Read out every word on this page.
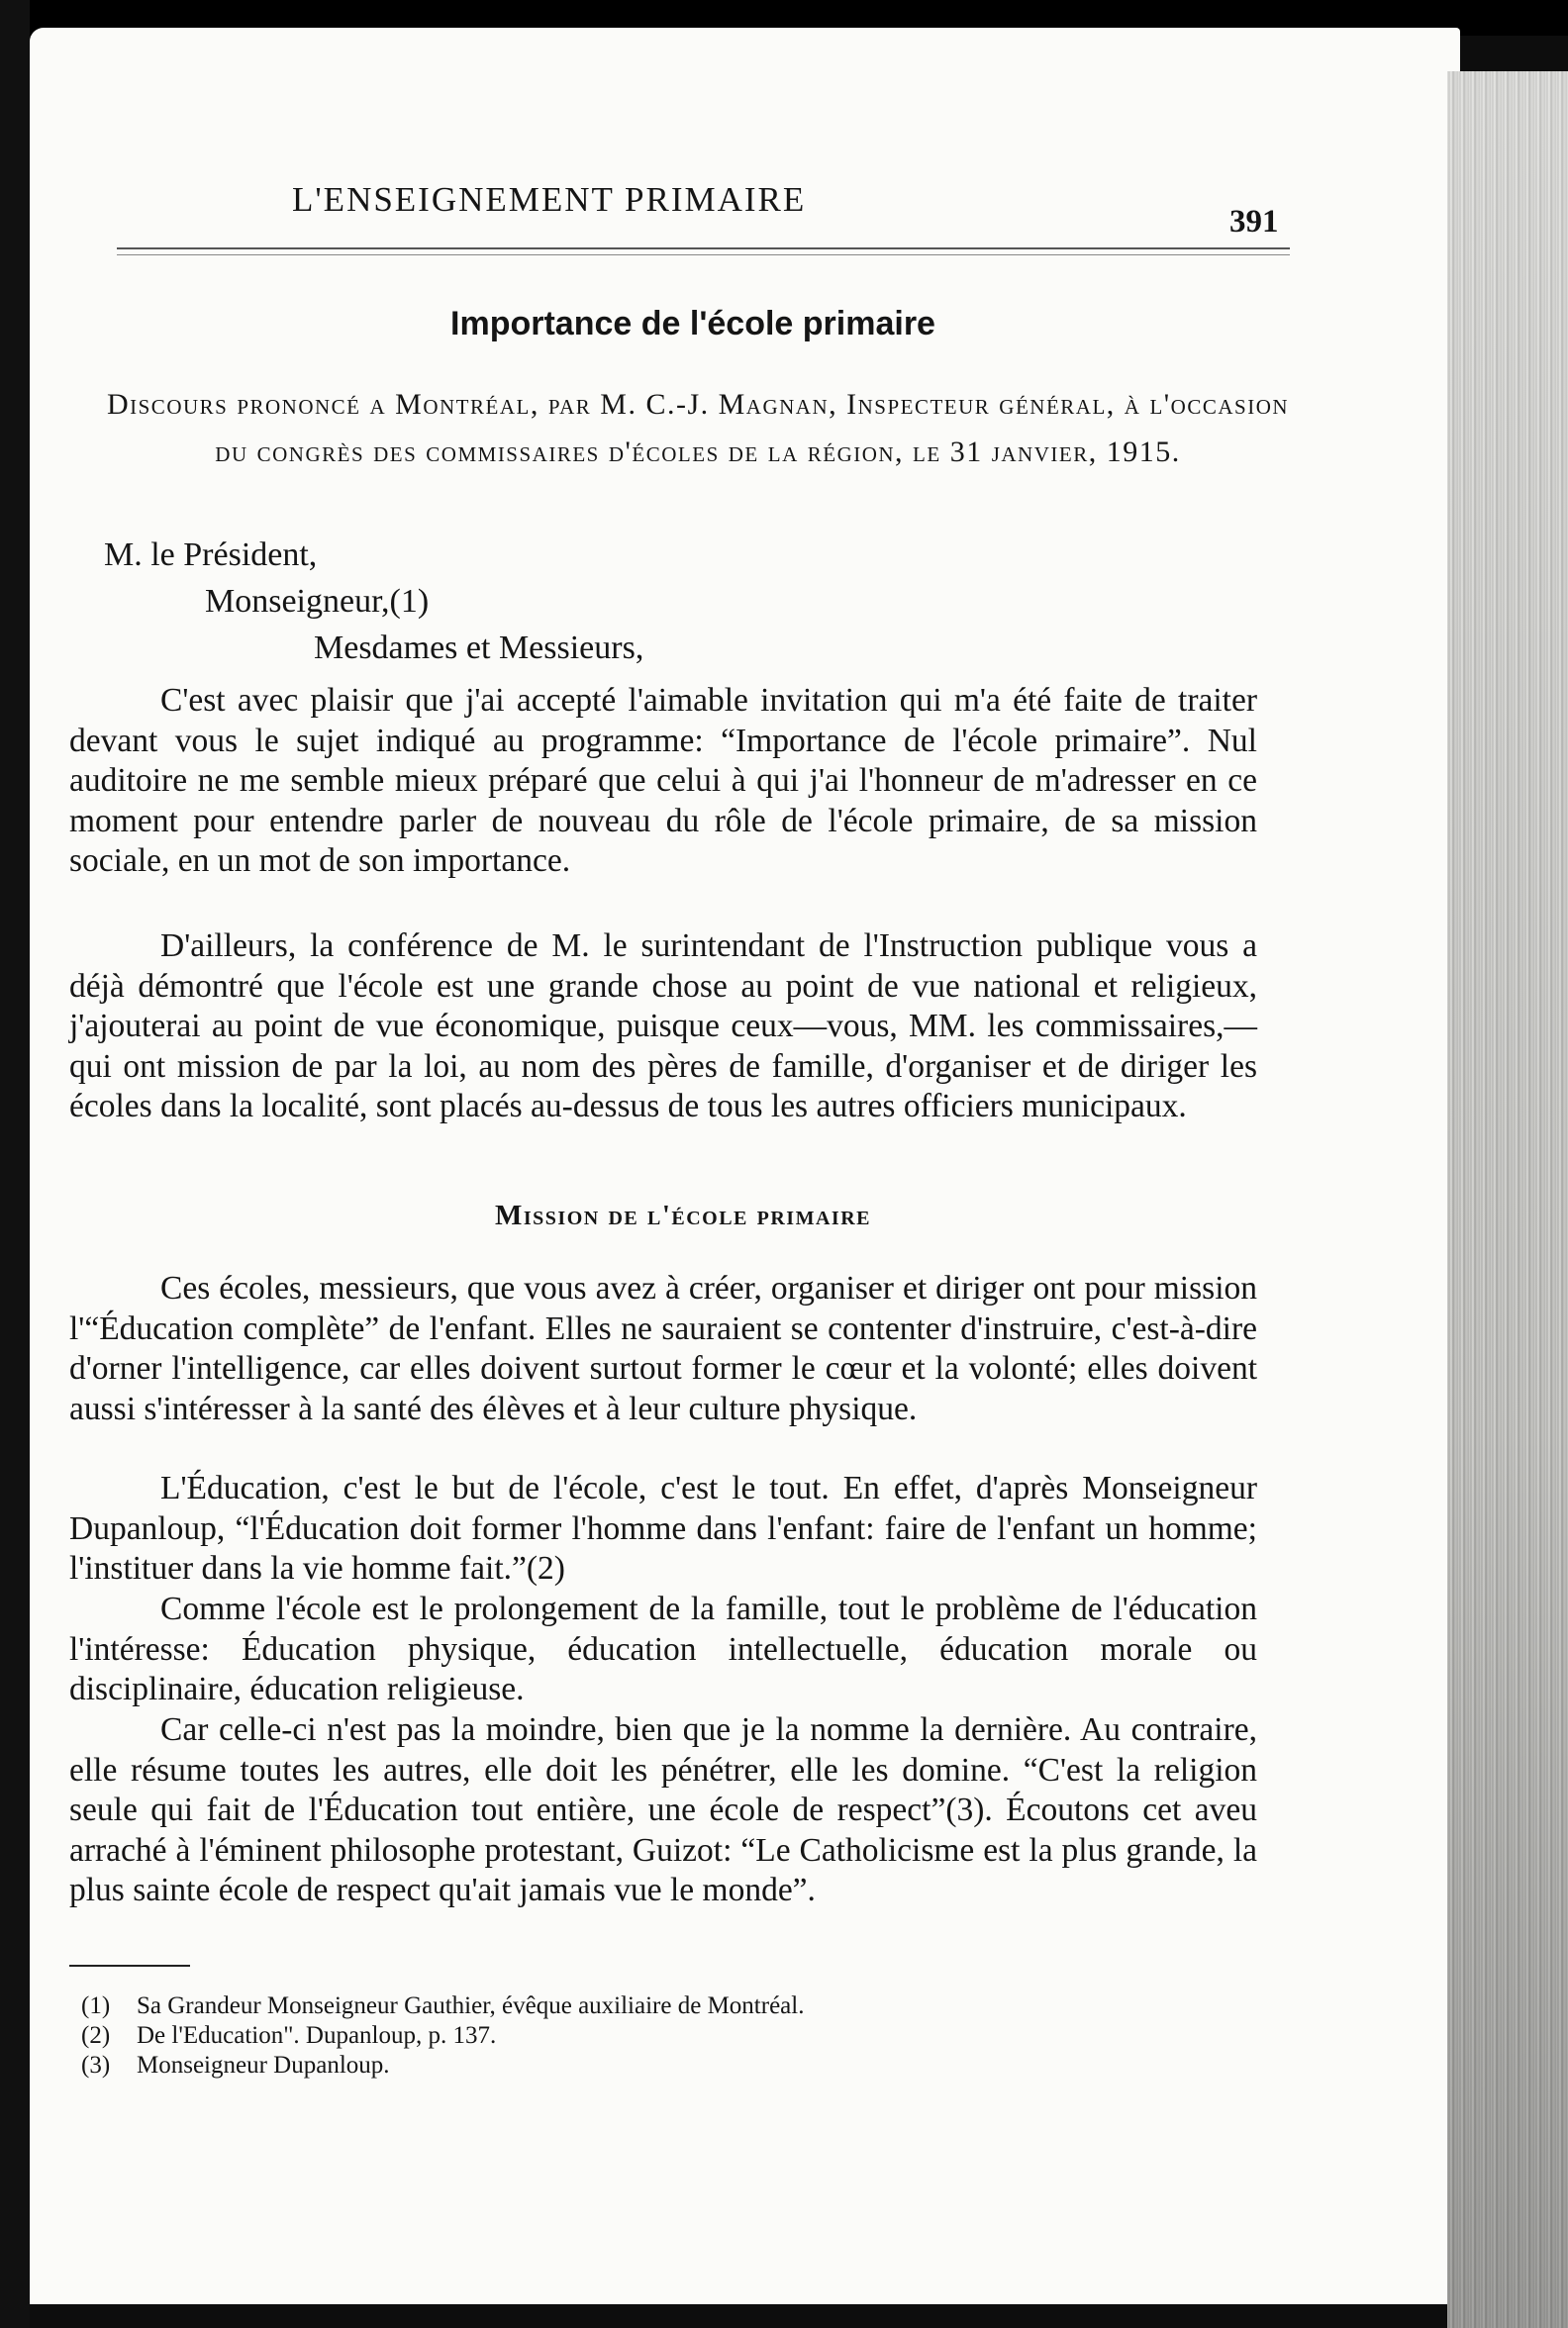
L'ENSEIGNEMENT PRIMAIRE

391

Importance de l'école primaire

Discours prononcé a Montréal, par M. C.-J. Magnan, Inspecteur général, à l'occasion du congrès des commissaires d'écoles de la région, le 31 janvier, 1915.

M. le Président,

Monseigneur,(1)

Mesdames et Messieurs,

C'est avec plaisir que j'ai accepté l'aimable invitation qui m'a été faite de traiter devant vous le sujet indiqué au programme: “Importance de l'école primaire”. Nul auditoire ne me semble mieux préparé que celui à qui j'ai l'honneur de m'adresser en ce moment pour entendre parler de nouveau du rôle de l'école primaire, de sa mission sociale, en un mot de son importance.

D'ailleurs, la conférence de M. le surintendant de l'Instruction publique vous a déjà démontré que l'école est une grande chose au point de vue national et religieux, j'ajouterai au point de vue économique, puisque ceux—vous, MM. les commissaires,—qui ont mission de par la loi, au nom des pères de famille, d'organiser et de diriger les écoles dans la localité, sont placés au-dessus de tous les autres officiers municipaux.

Mission de l'école primaire

Ces écoles, messieurs, que vous avez à créer, organiser et diriger ont pour mission l'“Éducation complète” de l'enfant. Elles ne sauraient se contenter d'instruire, c'est-à-dire d'orner l'intelligence, car elles doivent surtout former le cœur et la volonté; elles doivent aussi s'intéresser à la santé des élèves et à leur culture physique.

L'Éducation, c'est le but de l'école, c'est le tout. En effet, d'après Monseigneur Dupanloup, “l'Éducation doit former l'homme dans l'enfant: faire de l'enfant un homme; l'instituer dans la vie homme fait.”(2)

Comme l'école est le prolongement de la famille, tout le problème de l'éducation l'intéresse: Éducation physique, éducation intellectuelle, éducation morale ou disciplinaire, éducation religieuse.

Car celle-ci n'est pas la moindre, bien que je la nomme la dernière. Au contraire, elle résume toutes les autres, elle doit les pénétrer, elle les domine. “C'est la religion seule qui fait de l'Éducation tout entière, une école de respect”(3). Écoutons cet aveu arraché à l'éminent philosophe protestant, Guizot: “Le Catholicisme est la plus grande, la plus sainte école de respect qu'ait jamais vue le monde”.

(1) Sa Grandeur Monseigneur Gauthier, évêque auxiliaire de Montréal.

(2) De l'Education". Dupanloup, p. 137.

(3) Monseigneur Dupanloup.
